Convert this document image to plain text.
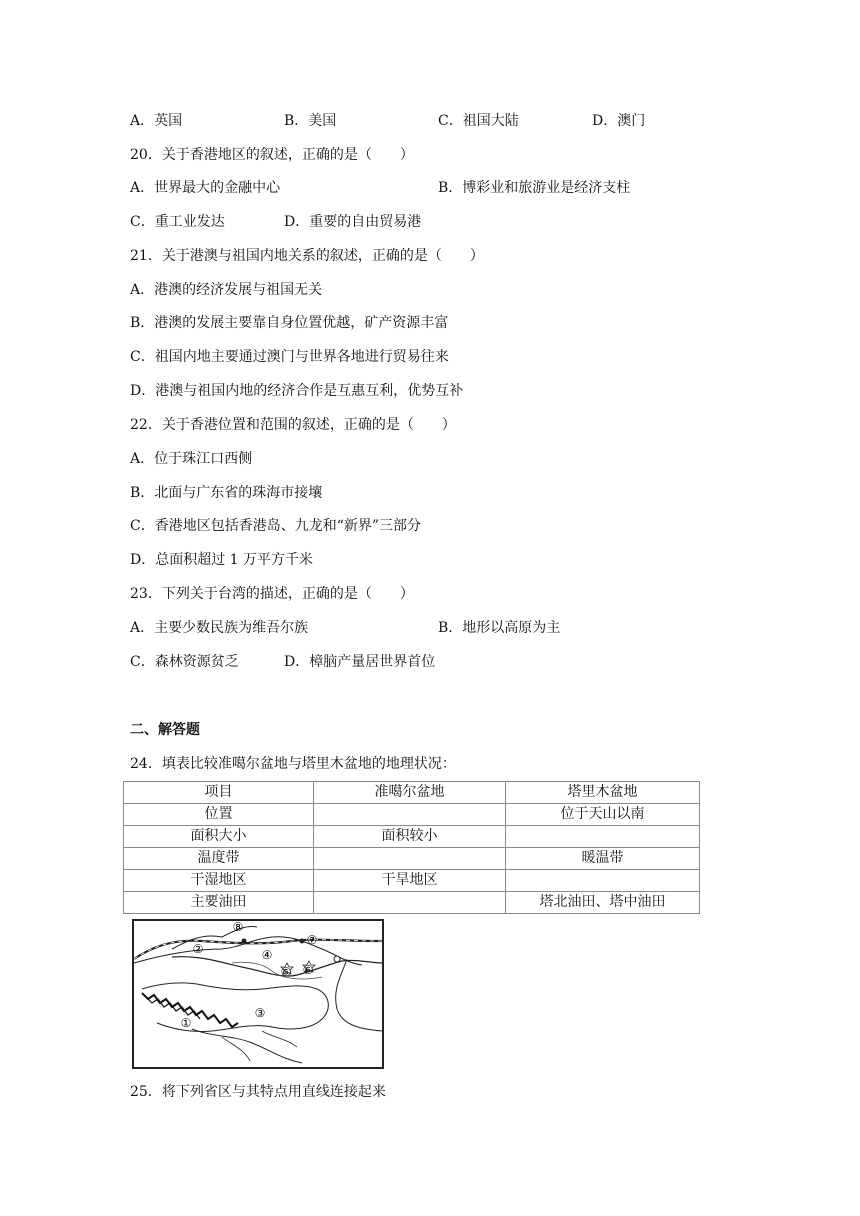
A．英国	B．美国	C．祖国大陆	D．澳门
20．关于香港地区的叙述，正确的是（　　）
A．世界最大的金融中心	B．博彩业和旅游业是经济支柱
C．重工业发达	D．重要的自由贸易港
21．关于港澳与祖国内地关系的叙述，正确的是（　　）
A．港澳的经济发展与祖国无关
B．港澳的发展主要靠自身位置优越，矿产资源丰富
C．祖国内地主要通过澳门与世界各地进行贸易往来
D．港澳与祖国内地的经济合作是互惠互利，优势互补
22．关于香港位置和范围的叙述，正确的是（　　）
A．位于珠江口西侧
B．北面与广东省的珠海市接壤
C．香港地区包括香港岛、九龙和“新界”三部分
D．总面积超过 1 万平方千米
23．下列关于台湾的描述，正确的是（　　）
A．主要少数民族为维吾尔族	B．地形以高原为主
C．森林资源贫乏	D．樟脑产量居世界首位
二、解答题
24．填表比较准噶尔盆地与塔里木盆地的地理状况：
项目	准噶尔盆地	塔里木盆地
位置		位于天山以南
面积大小	面积较小	
温度带		暖温带
干湿地区	干旱地区	
主要油田		塔北油田、塔中油田
①
②
③
④
⑤ ⑥
⑦
⑧
25．将下列省区与其特点用直线连接起来
